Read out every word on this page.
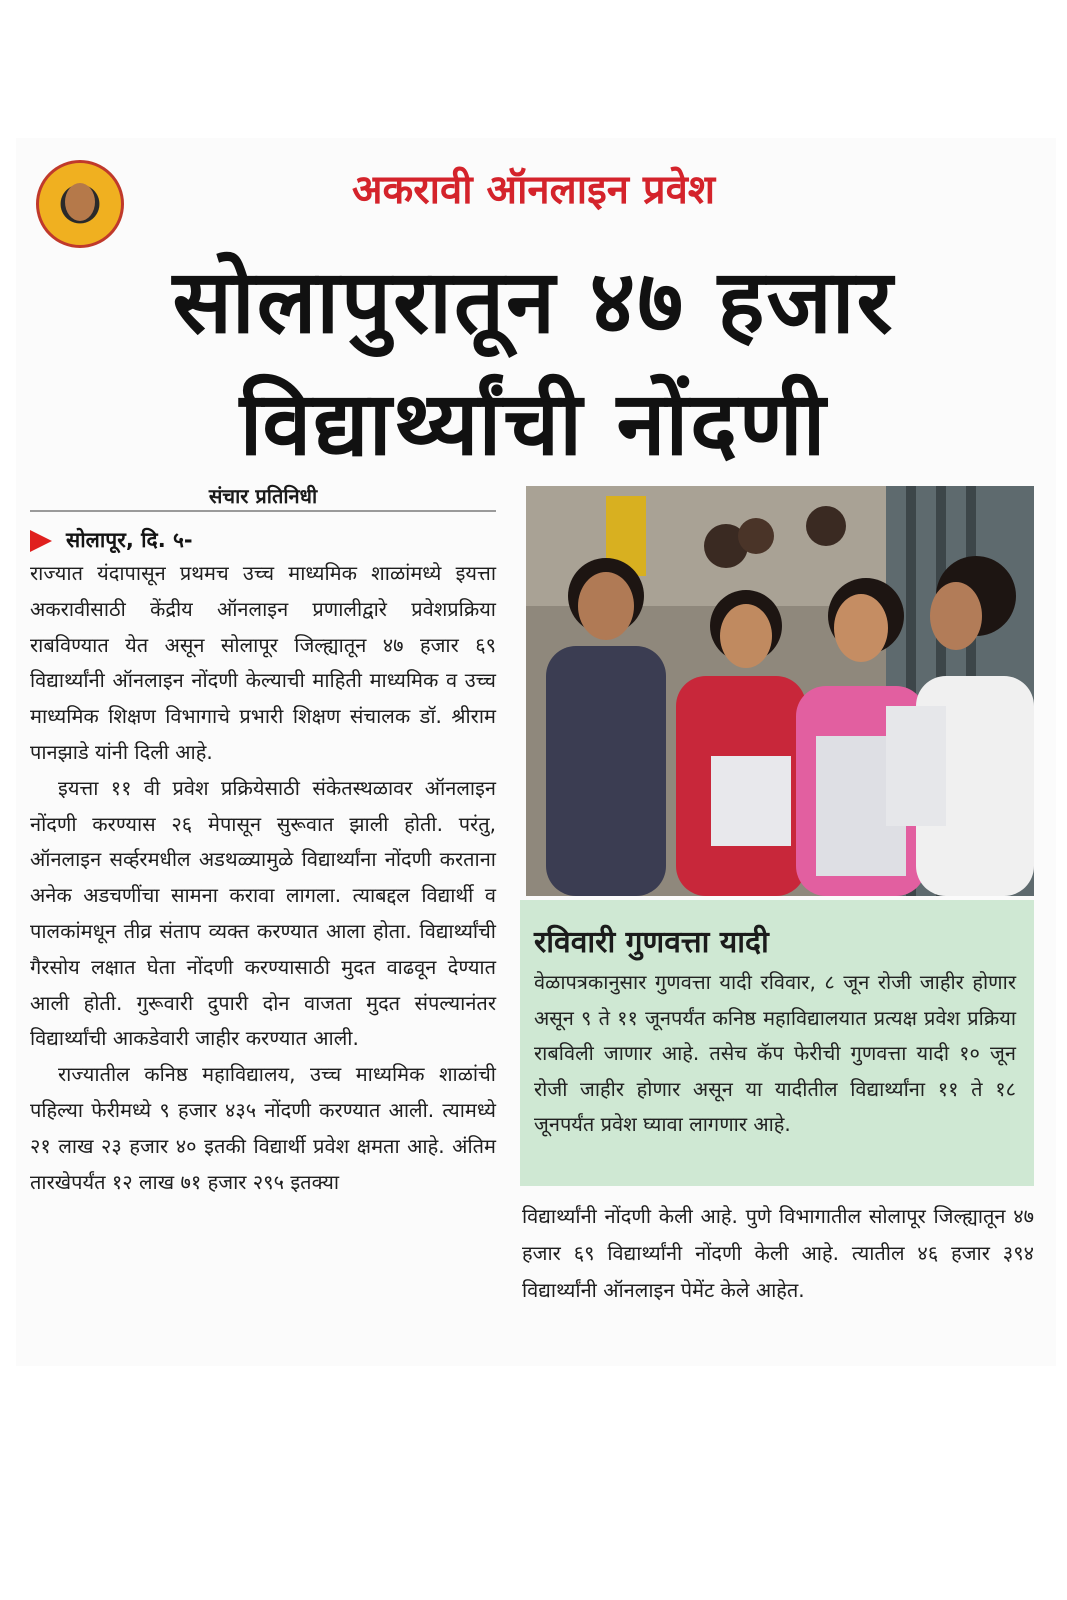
अकरावी ऑनलाइन प्रवेश
सोलापुरातून ४७ हजार
विद्यार्थ्यांची नोंदणी
संचार प्रतिनिधी
सोलापूर, दि. ५-

राज्यात यंदापासून प्रथमच उच्च माध्यमिक शाळांमध्ये इयत्ता अकरावीसाठी केंद्रीय ऑनलाइन प्रणालीद्वारे प्रवेशप्रक्रिया राबविण्यात येत असून सोलापूर जिल्ह्यातून ४७ हजार ६९ विद्यार्थ्यांनी ऑनलाइन नोंदणी केल्याची माहिती माध्यमिक व उच्च माध्यमिक शिक्षण विभागाचे प्रभारी शिक्षण संचालक डॉ. श्रीराम पानझाडे यांनी दिली आहे.

इयत्ता ११ वी प्रवेश प्रक्रियेसाठी संकेतस्थळावर ऑनलाइन नोंदणी करण्यास २६ मेपासून सुरूवात झाली होती. परंतु, ऑनलाइन सर्व्हरमधील अडथळ्यामुळे विद्यार्थ्यांना नोंदणी करताना अनेक अडचणींचा सामना करावा लागला. त्याबद्दल विद्यार्थी व पालकांमधून तीव्र संताप व्यक्त करण्यात आला होता. विद्यार्थ्यांची गैरसोय लक्षात घेता नोंदणी करण्यासाठी मुदत वाढवून देण्यात आली होती. गुरूवारी दुपारी दोन वाजता मुदत संपल्यानंतर विद्यार्थ्यांची आकडेवारी जाहीर करण्यात आली.

राज्यातील कनिष्ठ महाविद्यालय, उच्च माध्यमिक शाळांची पहिल्या फेरीमध्ये ९ हजार ४३५ नोंदणी करण्यात आली. त्यामध्ये २१ लाख २३ हजार ४० इतकी विद्यार्थी प्रवेश क्षमता आहे. अंतिम तारखेपर्यंत १२ लाख ७१ हजार २९५ इतक्या

रविवारी गुणवत्ता यादी
वेळापत्रकानुसार गुणवत्ता यादी रविवार, ८ जून रोजी जाहीर होणार असून ९ ते ११ जूनपर्यंत कनिष्ठ महाविद्यालयात प्रत्यक्ष प्रवेश प्रक्रिया राबविली जाणार आहे. तसेच कॅप फेरीची गुणवत्ता यादी १० जून रोजी जाहीर होणार असून या यादीतील विद्यार्थ्यांना ११ ते १८ जूनपर्यंत प्रवेश घ्यावा लागणार आहे.
विद्यार्थ्यांनी नोंदणी केली आहे. पुणे विभागातील सोलापूर जिल्ह्यातून ४७ हजार ६९ विद्यार्थ्यांनी नोंदणी केली आहे. त्यातील ४६ हजार ३९४ विद्यार्थ्यांनी ऑनलाइन पेमेंट केले आहेत.
